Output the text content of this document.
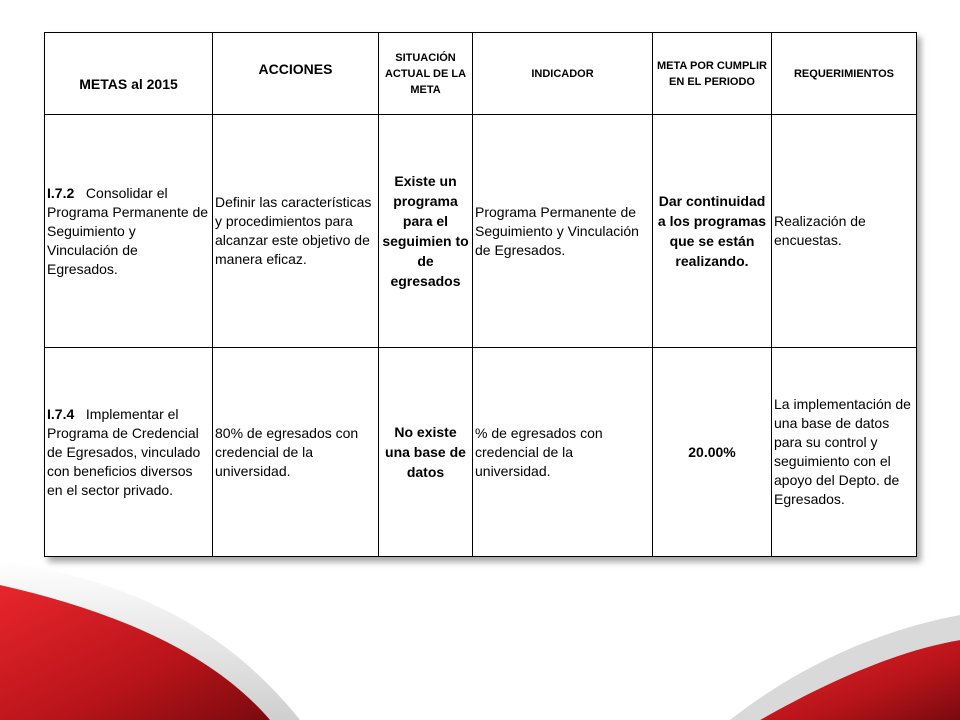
METAS al 2015
ACCIONES
SITUACIÓN ACTUAL DE LA META
INDICADOR
META POR CUMPLIR EN EL PERIODO
REQUERIMIENTOS
I.7.2   Consolidar el Programa Permanente de Seguimiento y Vinculación de Egresados.
Definir las características y procedimientos para alcanzar este objetivo de manera eficaz.
Existe un programa para el seguimien to de egresados
Programa Permanente de Seguimiento y Vinculación de Egresados.
Dar continuidad a los programas que se están realizando.
Realización de encuestas.
I.7.4   Implementar el Programa de Credencial de Egresados, vinculado con beneficios diversos en el sector privado.
80% de egresados con credencial de la universidad.
No existe una base de datos
% de egresados con credencial de la universidad.
20.00%
La implementación de una base de datos para su control y seguimiento con el apoyo del Depto. de Egresados.
